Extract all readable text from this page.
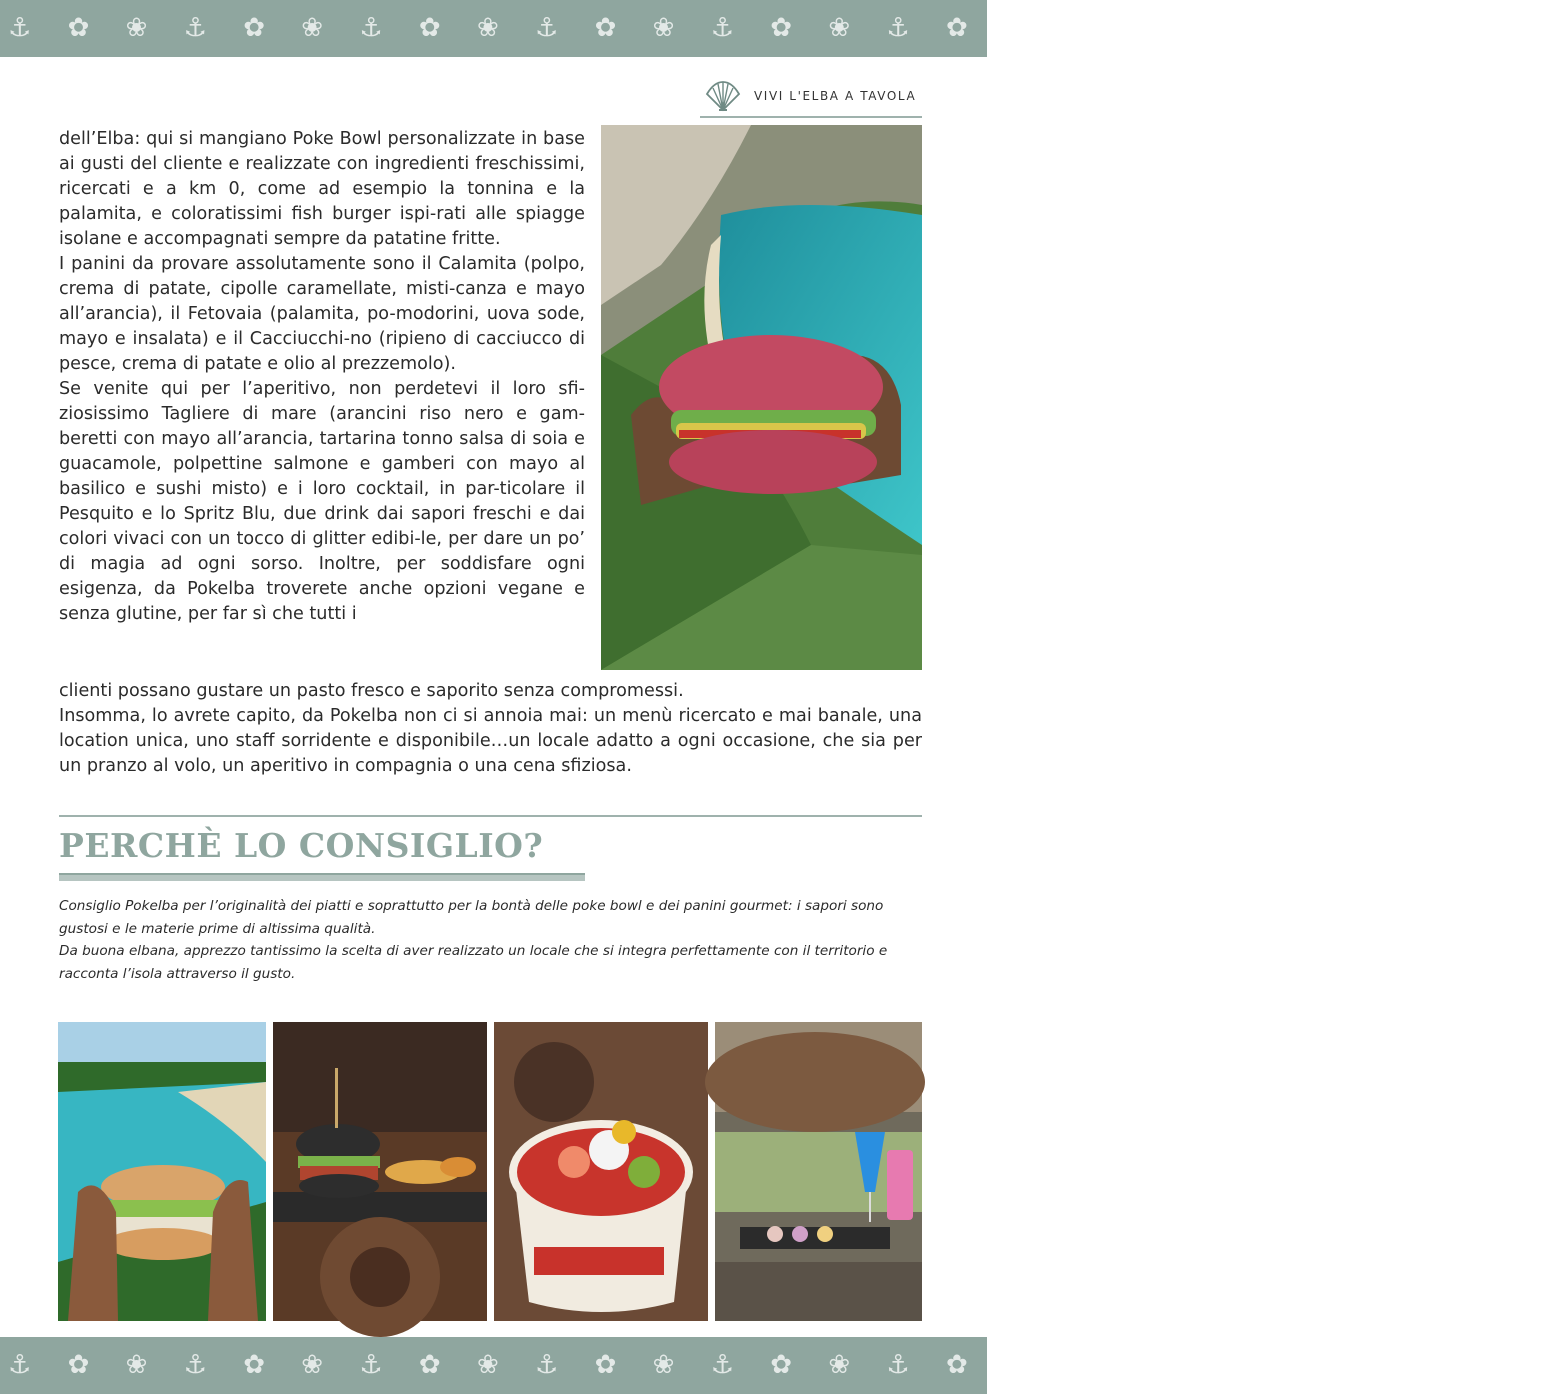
⚓ ✿ ❀ ⚓ ✿ ❀ ⚓ ✿ ❀ ⚓ ✿ ❀ ⚓ ✿ ❀ ⚓ ✿ ❀ ⚓ ✿ ❀ ⚓ ✿ ❀ ⚓ ✿ ❀
VIVI L'ELBA A TAVOLA

dell’Elba: qui si mangiano Poke Bowl personalizzate in base ai gusti del cliente e realizzate con ingredienti freschissimi, ricercati e a km 0, come ad esempio la tonnina e la palamita, e coloratissimi fish burger ispi-rati alle spiagge isolane e accompagnati sempre da patatine fritte.

I panini da provare assolutamente sono il Calamita (polpo, crema di patate, cipolle caramellate, misti-canza e mayo all’arancia), il Fetovaia (palamita, po-modorini, uova sode, mayo e insalata) e il Cacciucchi-no (ripieno di cacciucco di pesce, crema di patate e olio al prezzemolo).

Se venite qui per l’aperitivo, non perdetevi il loro sfi-ziosissimo Tagliere di mare (arancini riso nero e gam-beretti con mayo all’arancia, tartarina tonno salsa di soia e guacamole, polpettine salmone e gamberi con mayo al basilico e sushi misto) e i loro cocktail, in par-ticolare il Pesquito e lo Spritz Blu, due drink dai sapori freschi e dai colori vivaci con un tocco di glitter edibi-le, per dare un po’ di magia ad ogni sorso. Inoltre, per soddisfare ogni esigenza, da Pokelba troverete anche opzioni vegane e senza glutine, per far sì che tutti i

clienti possano gustare un pasto fresco e saporito senza compromessi.

Insomma, lo avrete capito, da Pokelba non ci si annoia mai: un menù ricercato e mai banale, una location unica, uno staff sorridente e disponibile…un locale adatto a ogni occasione, che sia per un pranzo al volo, un aperitivo in compagnia o una cena sfiziosa.

PERCHÈ LO CONSIGLIO?

Consiglio Pokelba per l’originalità dei piatti e soprattutto per la bontà delle poke bowl e dei panini gourmet: i sapori sono gustosi e le materie prime di altissima qualità.

Da buona elbana, apprezzo tantissimo la scelta di aver realizzato un locale che si integra perfettamente con il territorio e racconta l’isola attraverso il gusto.

⚓ ✿ ❀ ⚓ ✿ ❀ ⚓ ✿ ❀ ⚓ ✿ ❀ ⚓ ✿ ❀ ⚓ ✿ ❀ ⚓ ✿ ❀ ⚓ ✿ ❀ ⚓ ✿ ❀
